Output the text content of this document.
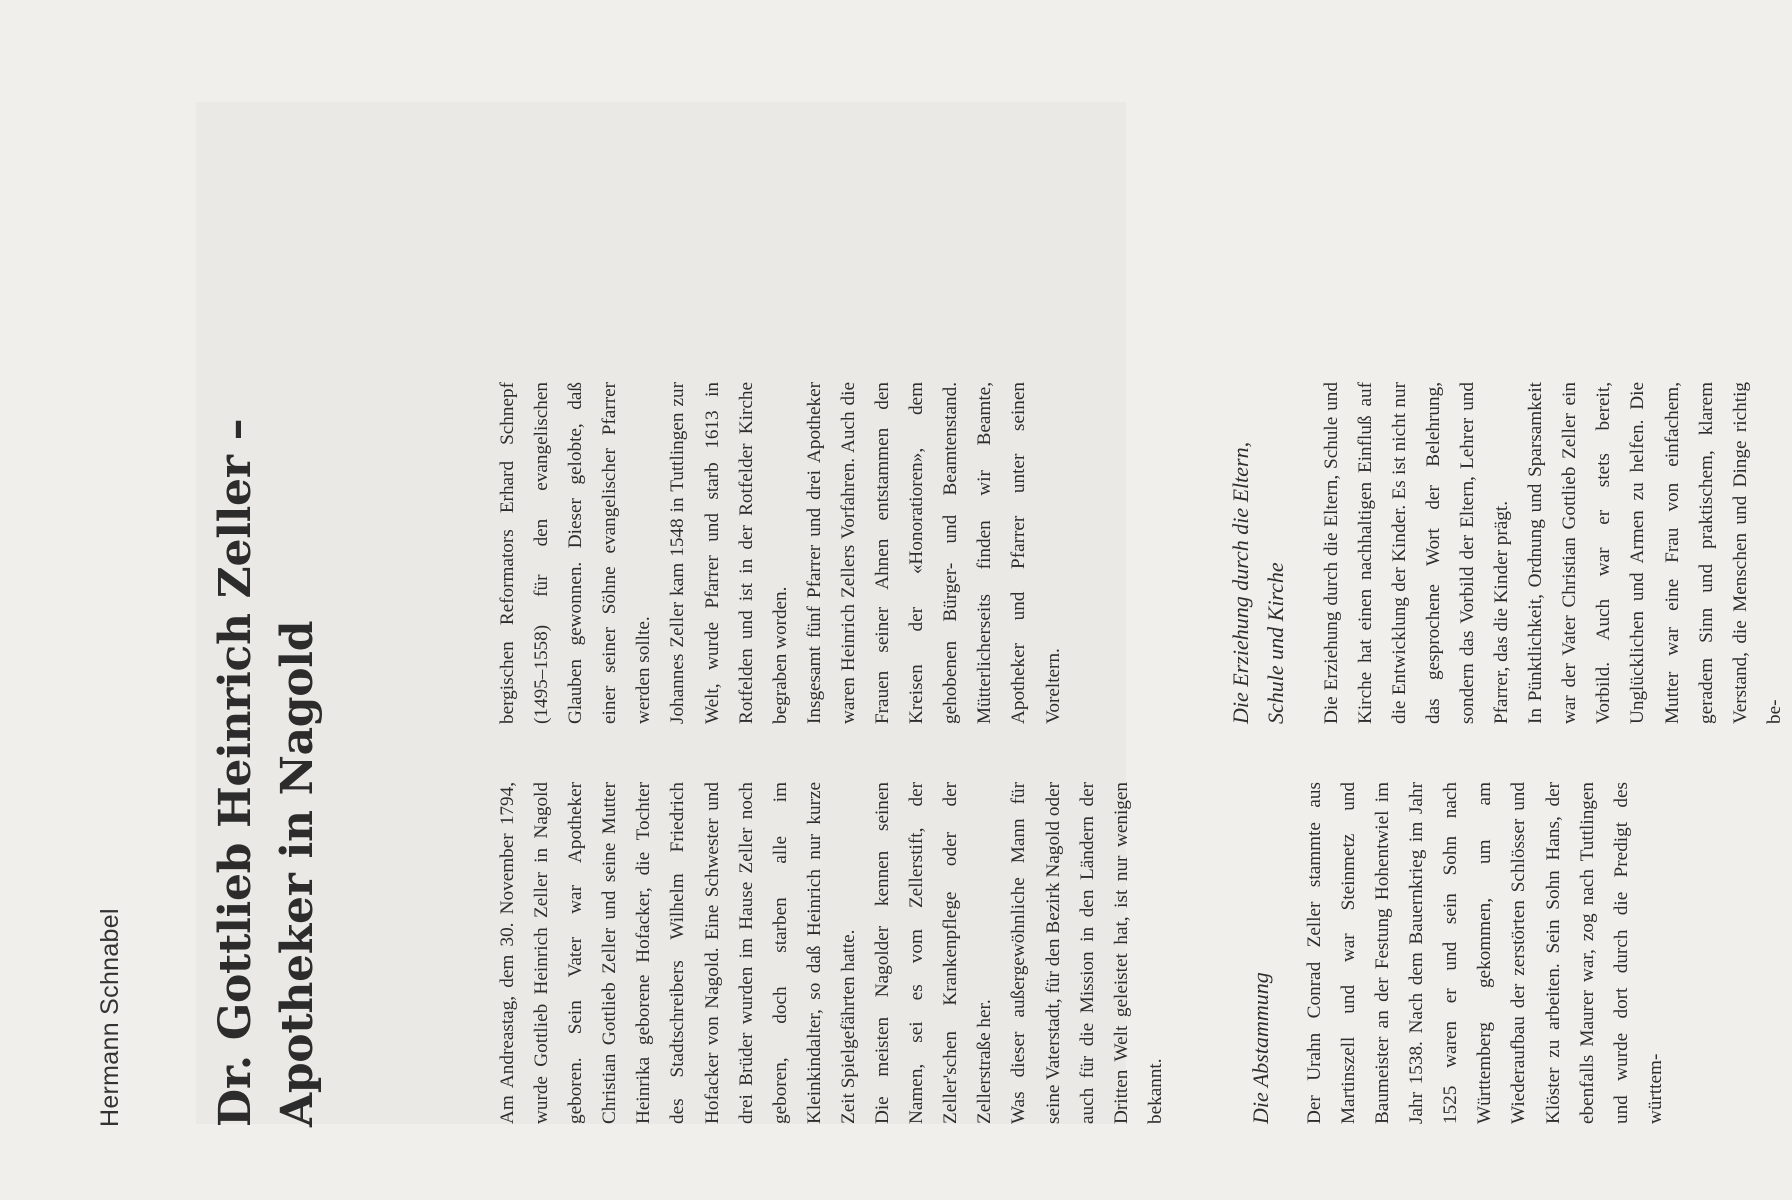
Hermann Schnabel Dr. Gottlieb Heinrich Zeller – Apotheker in Nagold	Am Andreastag, dem 30. November 1794, wurde Gottlieb Heinrich Zeller in Nagold geboren. Sein Vater war Apotheker Christian Gottlieb Zeller und seine Mutter Heinrika geborene Hofacker, die Tochter des Stadtschreibers Wilhelm Friedrich Hofacker von Nagold. Eine Schwester und drei Brüder wurden im Hause Zeller noch geboren, doch starben alle im Kleinkindalter, so daß Heinrich nur kurze Zeit Spielgefährten hatte. Die meisten Nagolder kennen seinen Namen, sei es vom Zellerstift, der Zeller'schen Krankenpflege oder der Zellerstraße her. Was dieser außergewöhnliche Mann für seine Vaterstadt, für den Bezirk Nagold oder auch für die Mission in den Ländern der Dritten Welt geleistet hat, ist nur wenigen bekannt.	Die Abstammung	Der Urahn Conrad Zeller stammte aus Martinszell und war Steinmetz und Baumeister an der Festung Hohentwiel im Jahr 1538. Nach dem Bauernkrieg im Jahr 1525 waren er und sein Sohn nach Württemberg gekommen, um am Wiederaufbau der zerstörten Schlösser und Klöster zu arbeiten. Sein Sohn Hans, der ebenfalls Maurer war, zog nach Tuttlingen und wurde dort durch die Predigt des württem-

bergischen Reformators Erhard Schnepf (1495–1558) für den evangelischen Glauben gewonnen. Dieser gelobte, daß einer seiner Söhne evangelischer Pfarrer werden sollte. Johannes Zeller kam 1548 in Tuttlingen zur Welt, wurde Pfarrer und starb 1613 in Rotfelden und ist in der Rotfelder Kirche begraben worden. Insgesamt fünf Pfarrer und drei Apotheker waren Heinrich Zellers Vorfahren. Auch die Frauen seiner Ahnen entstammen den Kreisen der «Honoratioren», dem gehobenen Bürger- und Beamtenstand. Mütterlicherseits finden wir Beamte, Apotheker und Pfarrer unter seinen Voreltern.	Die Erziehung durch die Eltern, Schule und Kirche	Die Erziehung durch die Eltern, Schule und Kirche hat einen nachhaltigen Einfluß auf die Entwicklung der Kinder. Es ist nicht nur das gesprochene Wort der Belehrung, sondern das Vorbild der Eltern, Lehrer und Pfarrer, das die Kinder prägt. In Pünktlichkeit, Ordnung und Sparsamkeit war der Vater Christian Gottlieb Zeller ein Vorbild. Auch war er stets bereit, Unglücklichen und Armen zu helfen. Die Mutter war eine Frau von einfachem, geradem Sinn und praktischem, klarem Verstand, die Menschen und Dinge richtig be-
